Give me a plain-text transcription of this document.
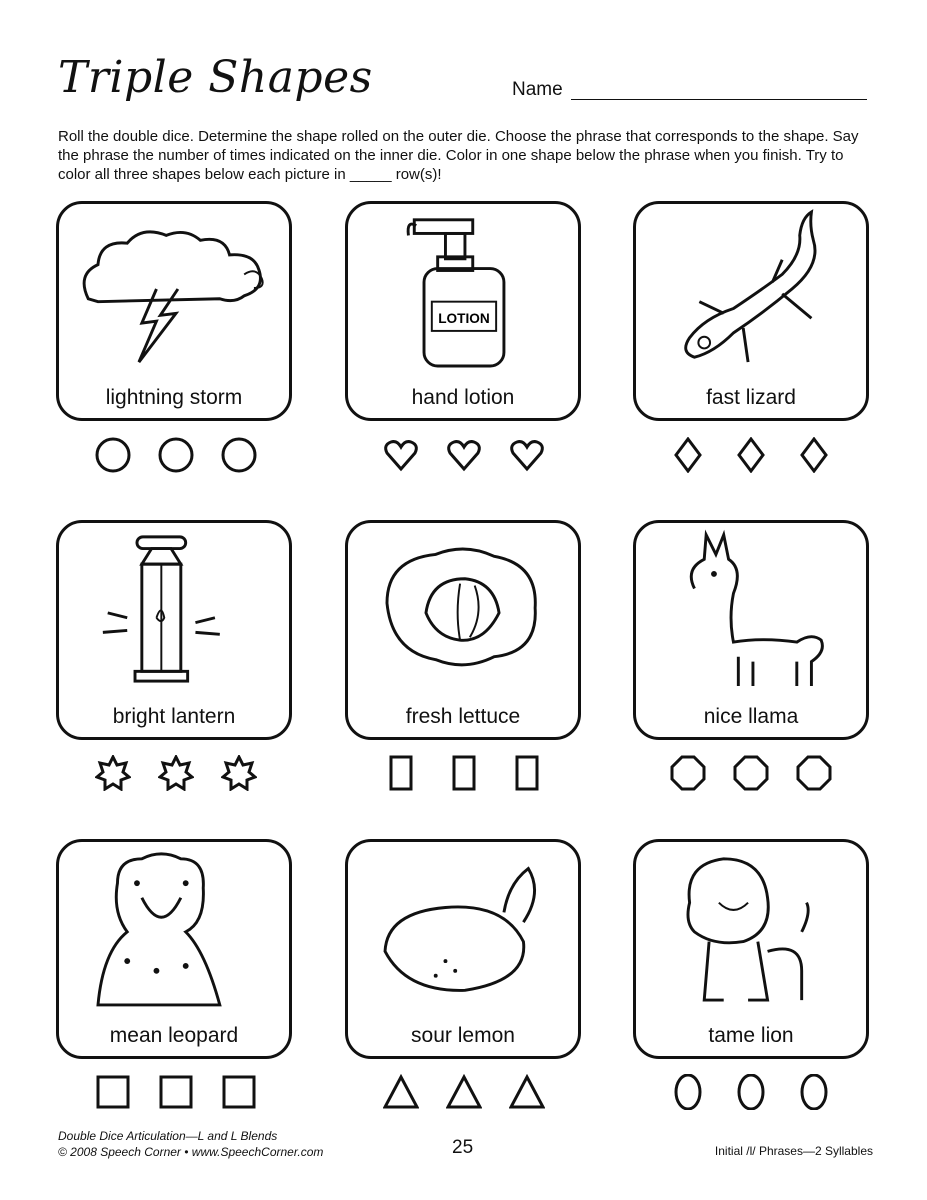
Triple Shapes	Name
Roll the double dice. Determine the shape rolled on the outer die. Choose the phrase that corresponds to the shape. Say the phrase the number of times indicated on the inner die. Color in one shape below the phrase when you finish. Try to color all three shapes below each picture in _____ row(s)!
lightning storm
LOTION
hand lotion	fast lizard
bright lantern	fresh lettuce	nice llama
mean leopard	sour lemon	tame lion
Double Dice Articulation—L and L Blends
© 2008 Speech Corner • www.SpeechCorner.com	25	Initial /l/ Phrases—2 Syllables
